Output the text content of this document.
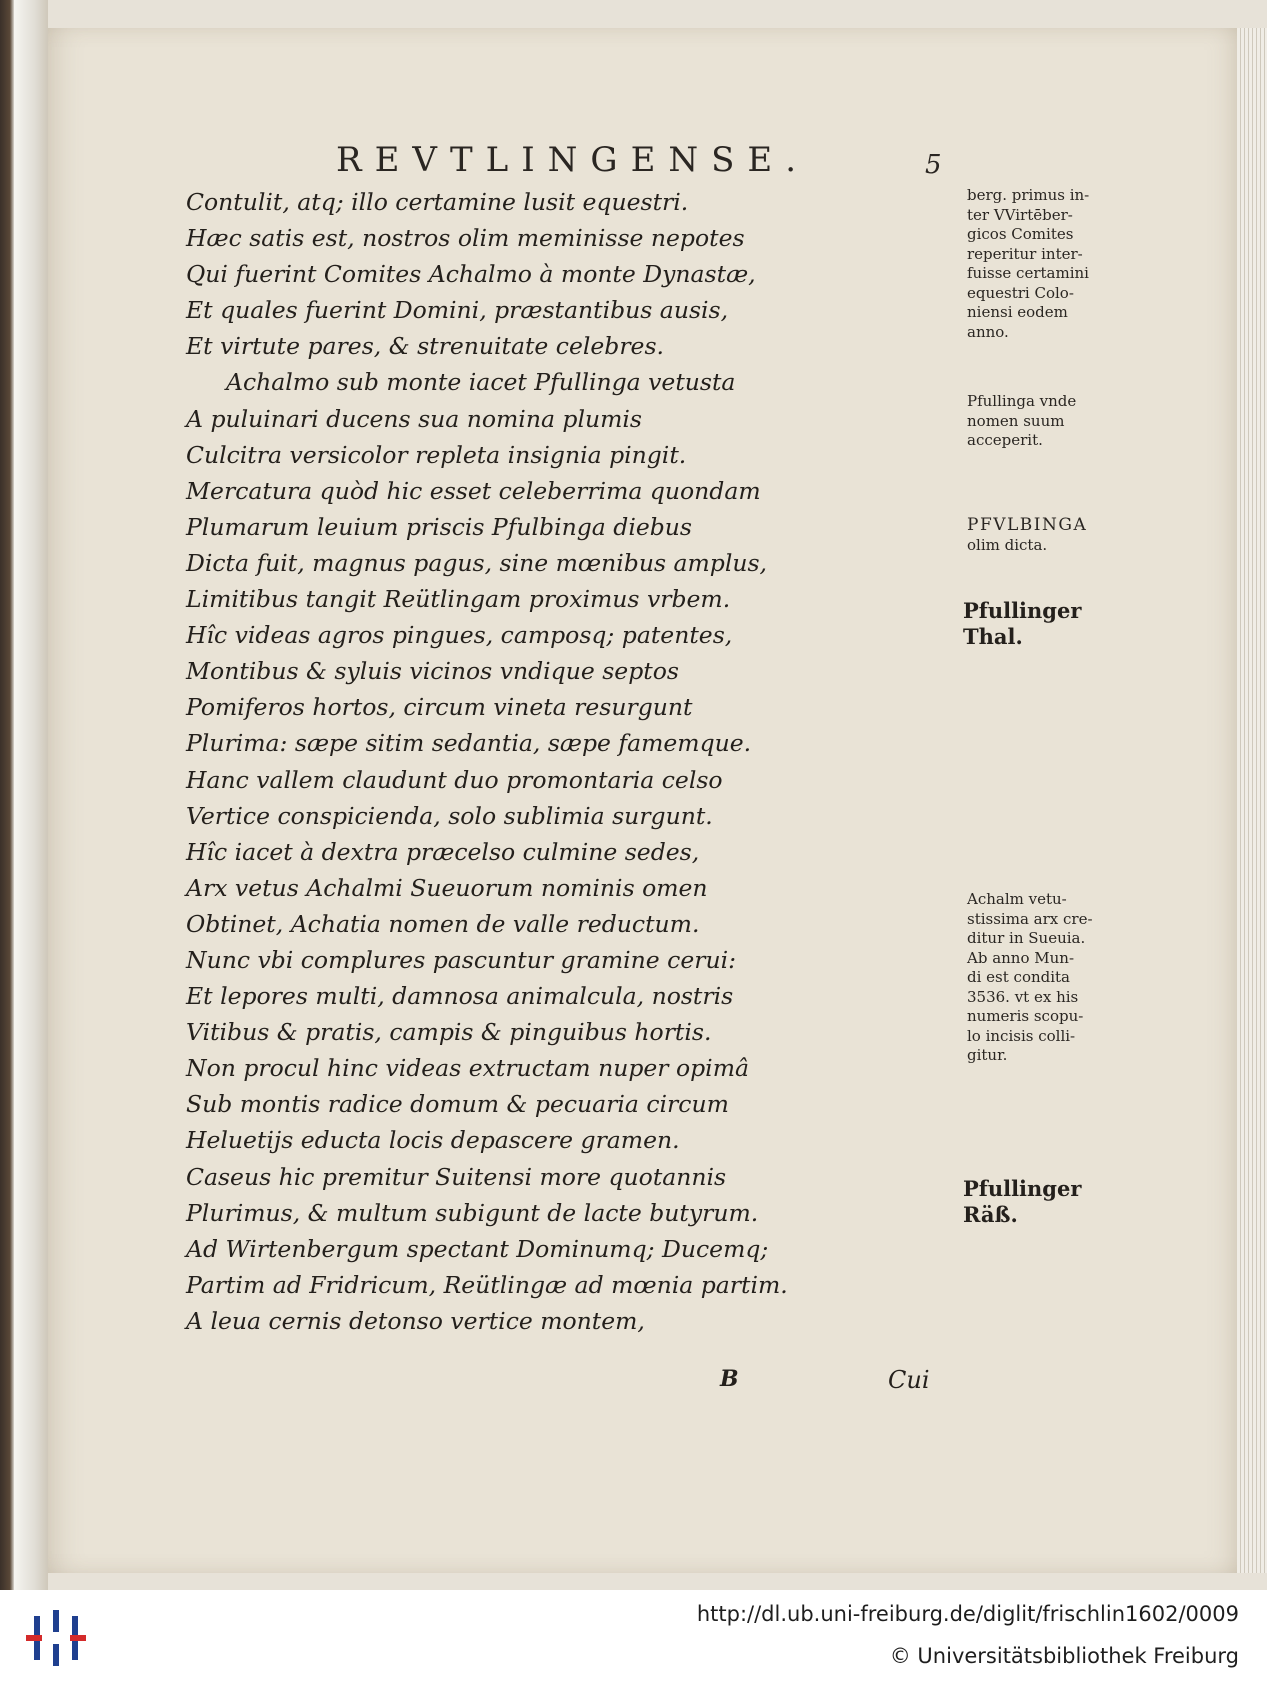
REVTLINGENSE.	5
Contulit, atq; illo certamine lusit equestri.
Hæc satis est, nostros olim meminisse nepotes
Qui fuerint Comites Achalmo à monte Dynastæ,
Et quales fuerint Domini, præstantibus ausis,
Et virtute pares, & strenuitate celebres.
Achalmo sub monte iacet Pfullinga vetusta
A puluinari ducens sua nomina plumis
Culcitra versicolor repleta insignia pingit.
Mercatura quòd hic esset celeberrima quondam
Plumarum leuium priscis Pfulbinga diebus
Dicta fuit, magnus pagus, sine mœnibus amplus,
Limitibus tangit Reütlingam proximus vrbem.
Hîc videas agros pingues, camposq; patentes,
Montibus & syluis vicinos vndique septos
Pomiferos hortos, circum vineta resurgunt
Plurima: sæpe sitim sedantia, sæpe famemque.
Hanc vallem claudunt duo promontaria celso
Vertice conspicienda, solo sublimia surgunt.
Hîc iacet à dextra præcelso culmine sedes,
Arx vetus Achalmi Sueuorum nominis omen
Obtinet, Achatia nomen de valle reductum.
Nunc vbi complures pascuntur gramine cerui:
Et lepores multi, damnosa animalcula, nostris
Vitibus & pratis, campis & pinguibus hortis.
Non procul hinc videas extructam nuper opimâ
Sub montis radice domum & pecuaria circum
Heluetijs educta locis depascere gramen.
Caseus hic premitur Suitensi more quotannis
Plurimus, & multum subigunt de lacte butyrum.
Ad Wirtenbergum spectant Dominumq; Ducemq;
Partim ad Fridricum, Reütlingæ ad mœnia partim.
A leua cernis detonso vertice montem,
berg. primus in-
ter VVirtēber-
gicos Comites
reperitur inter-
fuisse certamini
equestri Colo-
niensi eodem
anno.
Pfullinga vnde
nomen suum
acceperit.
PFVLBINGA
olim dicta.
Pfullinger
Thal.
Achalm vetu-
stissima arx cre-
ditur in Sueuia.
Ab anno Mun-
di est condita
3536. vt ex his
numeris scopu-
lo incisis colli-
gitur.
Pfullinger
Räß.
B	Cui
http://dl.ub.uni-freiburg.de/diglit/frischlin1602/0009
© Universitätsbibliothek Freiburg
